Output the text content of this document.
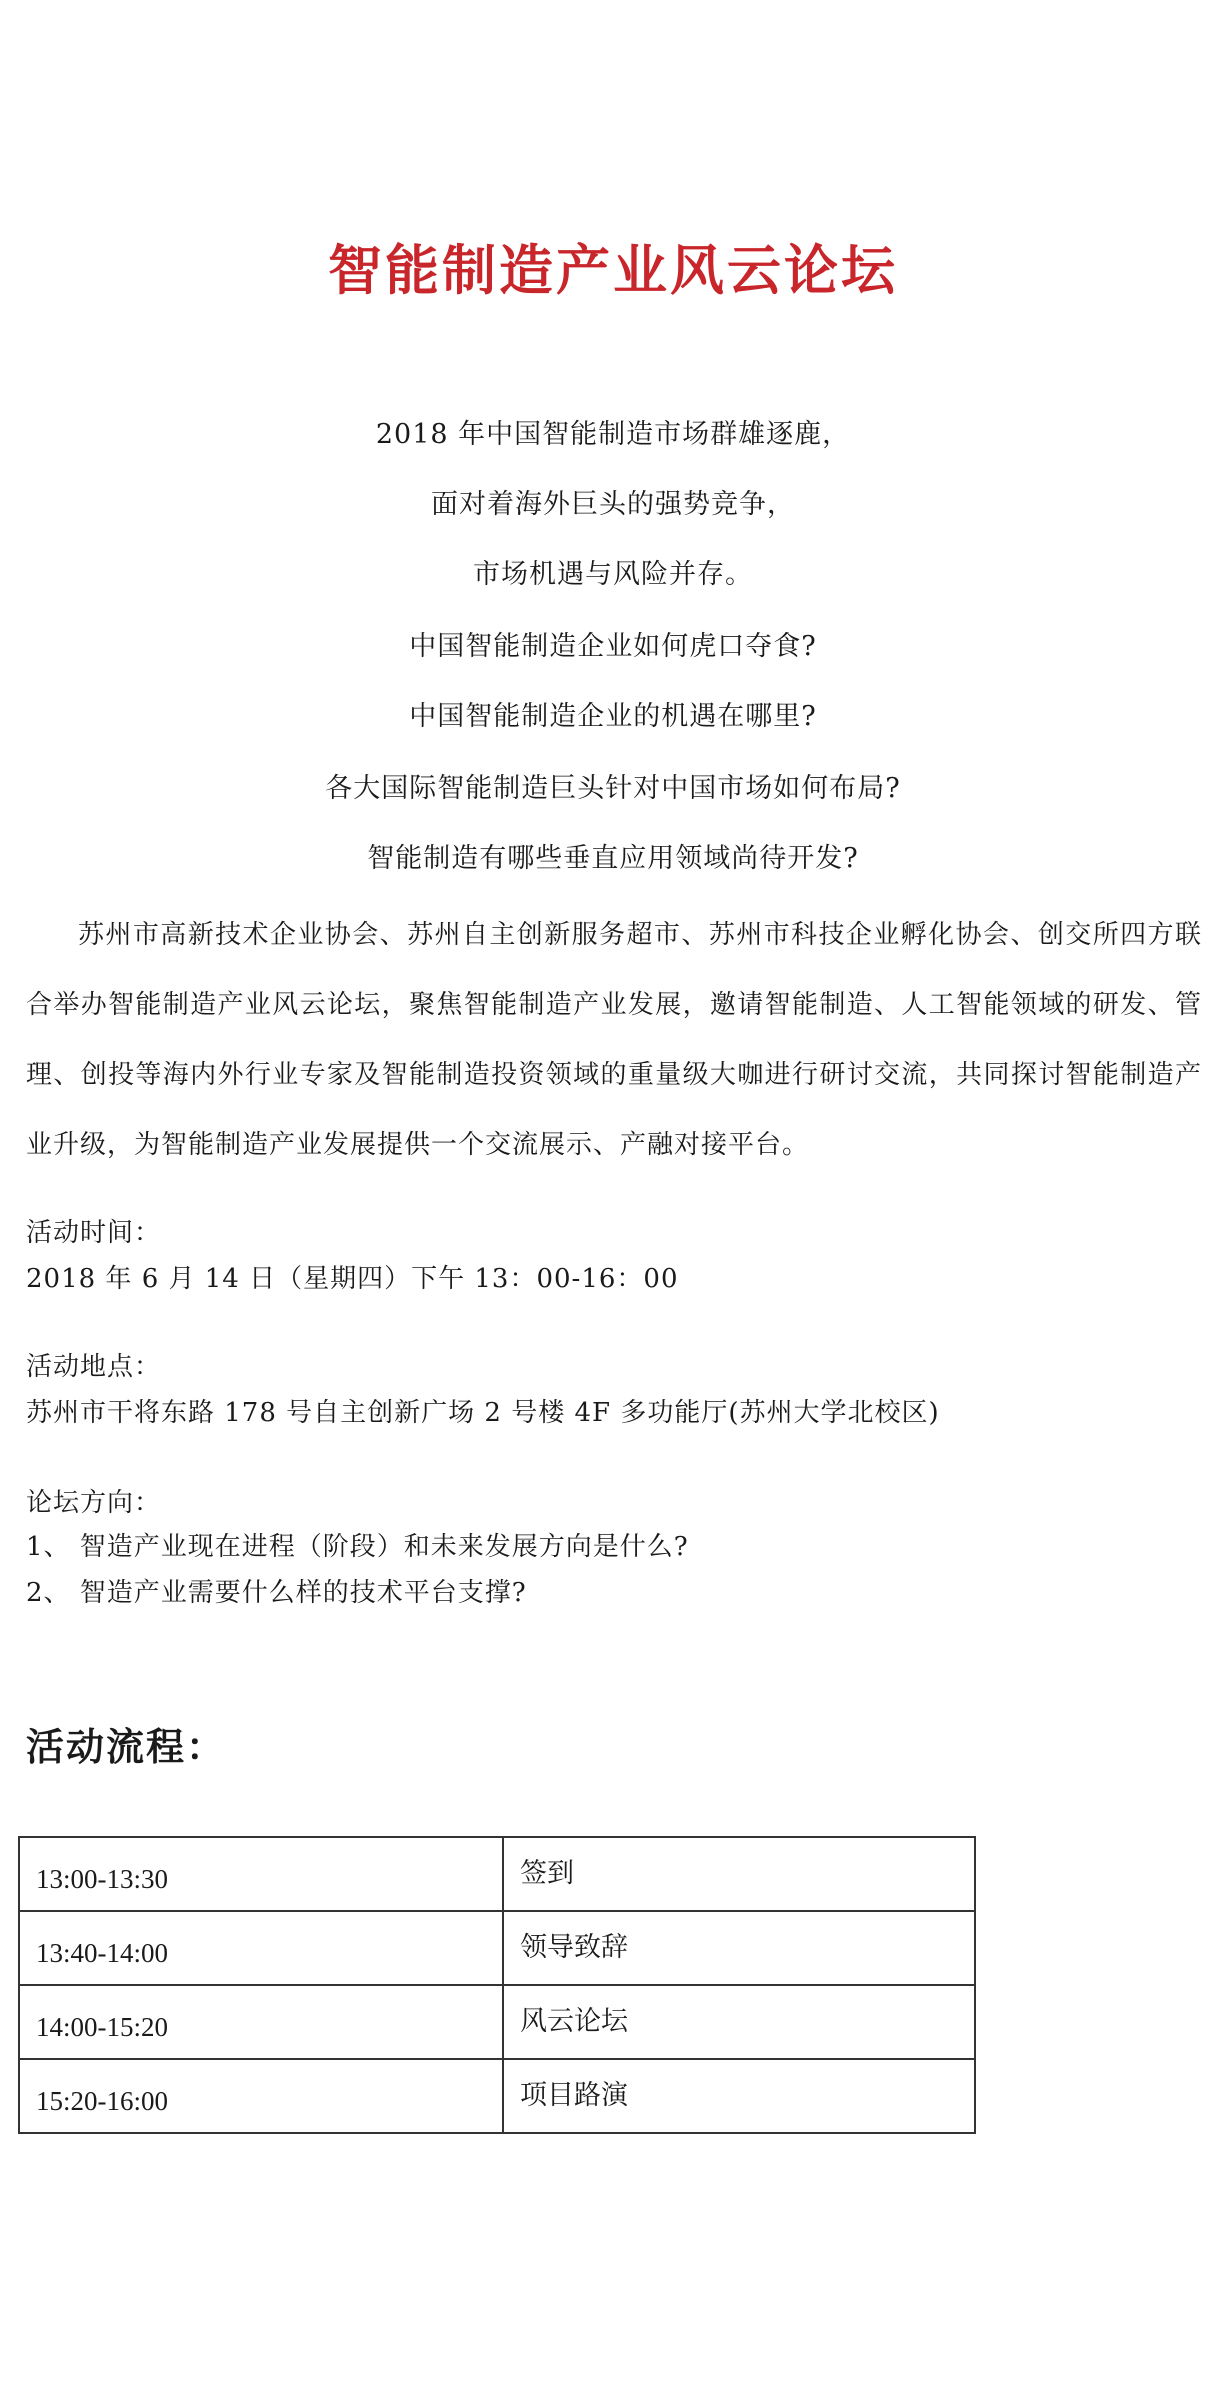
智能制造产业风云论坛
2018 年中国智能制造市场群雄逐鹿，
面对着海外巨头的强势竞争，
市场机遇与风险并存。
中国智能制造企业如何虎口夺食?
中国智能制造企业的机遇在哪里?
各大国际智能制造巨头针对中国市场如何布局?
智能制造有哪些垂直应用领域尚待开发?
苏州市高新技术企业协会、苏州自主创新服务超市、苏州市科技企业孵化协会、创交所四方联合举办智能制造产业风云论坛，聚焦智能制造产业发展，邀请智能制造、人工智能领域的研发、管理、创投等海内外行业专家及智能制造投资领域的重量级大咖进行研讨交流，共同探讨智能制造产业升级，为智能制造产业发展提供一个交流展示、产融对接平台。
活动时间：
2018 年 6 月 14 日（星期四）下午 13：00-16：00
活动地点：
苏州市干将东路 178 号自主创新广场 2 号楼 4F 多功能厅(苏州大学北校区)
论坛方向：
1、 智造产业现在进程（阶段）和未来发展方向是什么?
2、 智造产业需要什么样的技术平台支撑?
活动流程：
13:00-13:30	签到
13:40-14:00	领导致辞
14:00-15:20	风云论坛
15:20-16:00	项目路演
